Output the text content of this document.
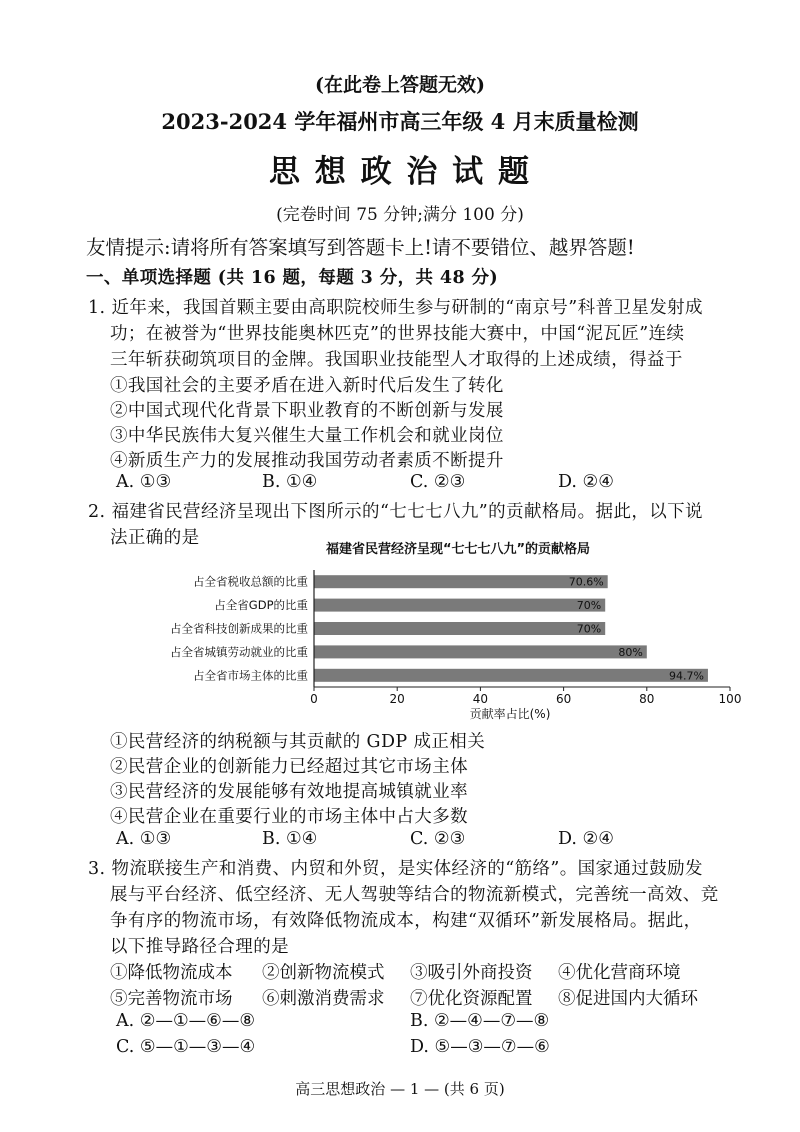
(在此卷上答题无效)
2023-2024 学年福州市高三年级 4 月末质量检测
思 想 政 治 试 题
(完卷时间 75 分钟;满分 100 分)
友情提示:请将所有答案填写到答题卡上!请不要错位、越界答题!
一、单项选择题 (共 16 题，每题 3 分，共 48 分)
1. 近年来，我国首颗主要由高职院校师生参与研制的“南京号”科普卫星发射成
功；在被誉为“世界技能奥林匹克”的世界技能大赛中，中国“泥瓦匠”连续
三年斩获砌筑项目的金牌。我国职业技能型人才取得的上述成绩，得益于
①我国社会的主要矛盾在进入新时代后发生了转化
②中国式现代化背景下职业教育的不断创新与发展
③中华民族伟大复兴催生大量工作机会和就业岗位
④新质生产力的发展推动我国劳动者素质不断提升
A. ①③	B. ①④	C. ②③	D. ②④
2. 福建省民营经济呈现出下图所示的“七七七八九”的贡献格局。据此，以下说
法正确的是
福建省民营经济呈现“七七七八九”的贡献格局
占全省税收总额的比重
占全省GDP的比重
占全省科技创新成果的比重
占全省城镇劳动就业的比重
占全省市场主体的比重
70.6%
70%
70%
80%
94.7%
0	20	40	60	80	100
贡献率占比(%)
①民营经济的纳税额与其贡献的 GDP 成正相关
②民营企业的创新能力已经超过其它市场主体
③民营经济的发展能够有效地提高城镇就业率
④民营企业在重要行业的市场主体中占大多数
A. ①③	B. ①④	C. ②③	D. ②④
3. 物流联接生产和消费、内贸和外贸，是实体经济的“筋络”。国家通过鼓励发
展与平台经济、低空经济、无人驾驶等结合的物流新模式，完善统一高效、竞
争有序的物流市场，有效降低物流成本，构建“双循环”新发展格局。据此，
以下推导路径合理的是
①降低物流成本 ②创新物流模式 ③吸引外商投资 ④优化营商环境
⑤完善物流市场 ⑥刺激消费需求 ⑦优化资源配置 ⑧促进国内大循环
A. ②—①—⑥—⑧	B. ②—④—⑦—⑧
C. ⑤—①—③—④	D. ⑤—③—⑦—⑥
高三思想政治 — 1 — (共 6 页)
